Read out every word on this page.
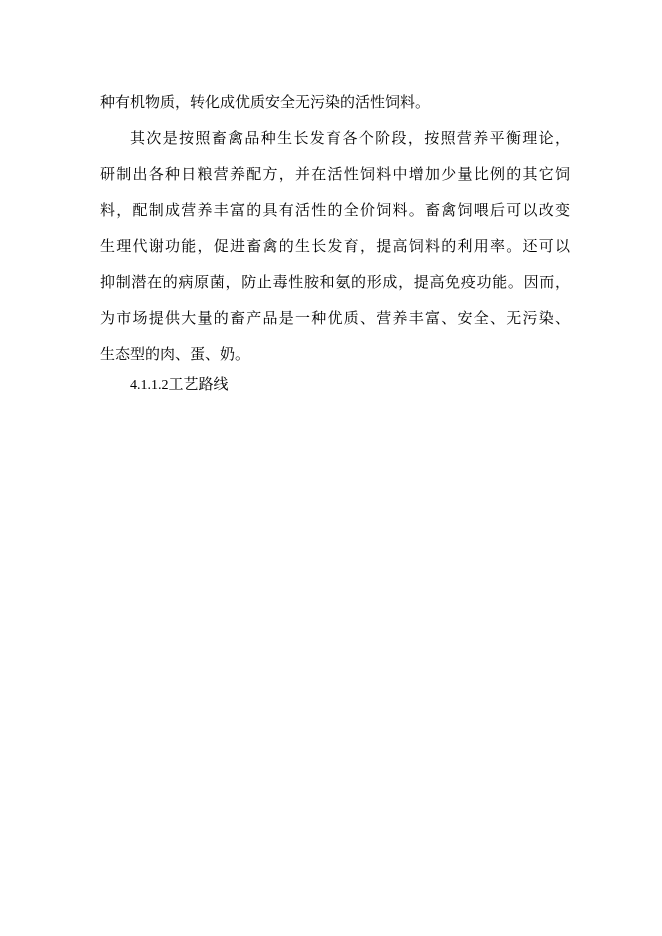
种有机物质，转化成优质安全无污染的活性饲料。
其次是按照畜禽品种生长发育各个阶段，按照营养平衡理论，
研制出各种日粮营养配方，并在活性饲料中增加少量比例的其它饲
料，配制成营养丰富的具有活性的全价饲料。畜禽饲喂后可以改变
生理代谢功能，促进畜禽的生长发育，提高饲料的利用率。还可以
抑制潜在的病原菌，防止毒性胺和氨的形成，提高免疫功能。因而，
为市场提供大量的畜产品是一种优质、营养丰富、安全、无污染、
生态型的肉、蛋、奶。
4.1.1.2工艺路线
